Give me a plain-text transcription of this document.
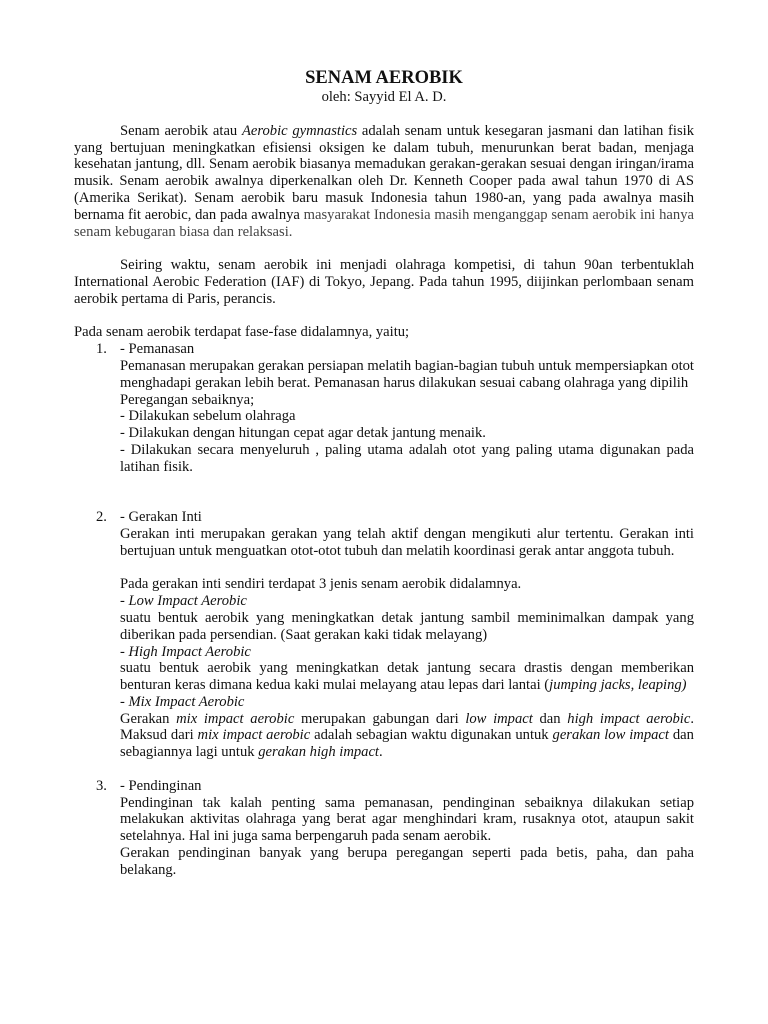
SENAM AEROBIK
oleh: Sayyid El A. D.

Senam aerobik atau Aerobic gymnastics adalah senam untuk kesegaran jasmani dan latihan fisik yang bertujuan meningkatkan efisiensi oksigen ke dalam tubuh, menurunkan berat badan, menjaga kesehatan jantung, dll. Senam aerobik biasanya memadukan gerakan-gerakan sesuai dengan iringan/irama musik. Senam aerobik awalnya diperkenalkan oleh Dr. Kenneth Cooper pada awal tahun 1970 di AS (Amerika Serikat). Senam aerobik baru masuk Indonesia tahun 1980-an, yang pada awalnya masih bernama fit aerobic, dan pada awalnya masyarakat Indonesia masih menganggap senam aerobik ini hanya senam kebugaran biasa dan relaksasi.

Seiring waktu, senam aerobik ini menjadi olahraga kompetisi, di tahun 90an terbentuklah International Aerobic Federation (IAF) di Tokyo, Jepang. Pada tahun 1995, diijinkan perlombaan senam aerobik pertama di Paris, perancis.

Pada senam aerobik terdapat fase-fase didalamnya, yaitu;

1. - Pemanasan

Pemanasan merupakan gerakan persiapan melatih bagian-bagian tubuh untuk mempersiapkan otot menghadapi gerakan lebih berat. Pemanasan harus dilakukan sesuai cabang olahraga yang dipilih

Peregangan sebaiknya;
- Dilakukan sebelum olahraga
- Dilakukan dengan hitungan cepat agar detak jantung menaik.

- Dilakukan secara menyeluruh , paling utama adalah otot yang paling utama digunakan pada latihan fisik.

2. - Gerakan Inti

Gerakan inti merupakan gerakan yang telah aktif dengan mengikuti alur tertentu. Gerakan inti bertujuan untuk menguatkan otot-otot tubuh dan melatih koordinasi gerak antar anggota tubuh.

Pada gerakan inti sendiri terdapat 3 jenis senam aerobik didalamnya.
- Low Impact Aerobic

suatu bentuk aerobik yang meningkatkan detak jantung sambil meminimalkan dampak yang diberikan pada persendian. (Saat gerakan kaki tidak melayang)

- High Impact Aerobic

suatu bentuk aerobik yang meningkatkan detak jantung secara drastis dengan memberikan benturan keras dimana kedua kaki mulai melayang atau lepas dari lantai (jumping jacks, leaping)

- Mix Impact Aerobic

Gerakan mix impact aerobic merupakan gabungan dari low impact dan high impact aerobic. Maksud dari mix impact aerobic adalah sebagian waktu digunakan untuk gerakan low impact dan sebagiannya lagi untuk gerakan high impact.

3. - Pendinginan

Pendinginan tak kalah penting sama pemanasan, pendinginan sebaiknya dilakukan setiap melakukan aktivitas olahraga yang berat agar menghindari kram, rusaknya otot, ataupun sakit setelahnya. Hal ini juga sama berpengaruh pada senam aerobik.

Gerakan pendinginan banyak yang berupa peregangan seperti pada betis, paha, dan paha belakang.
